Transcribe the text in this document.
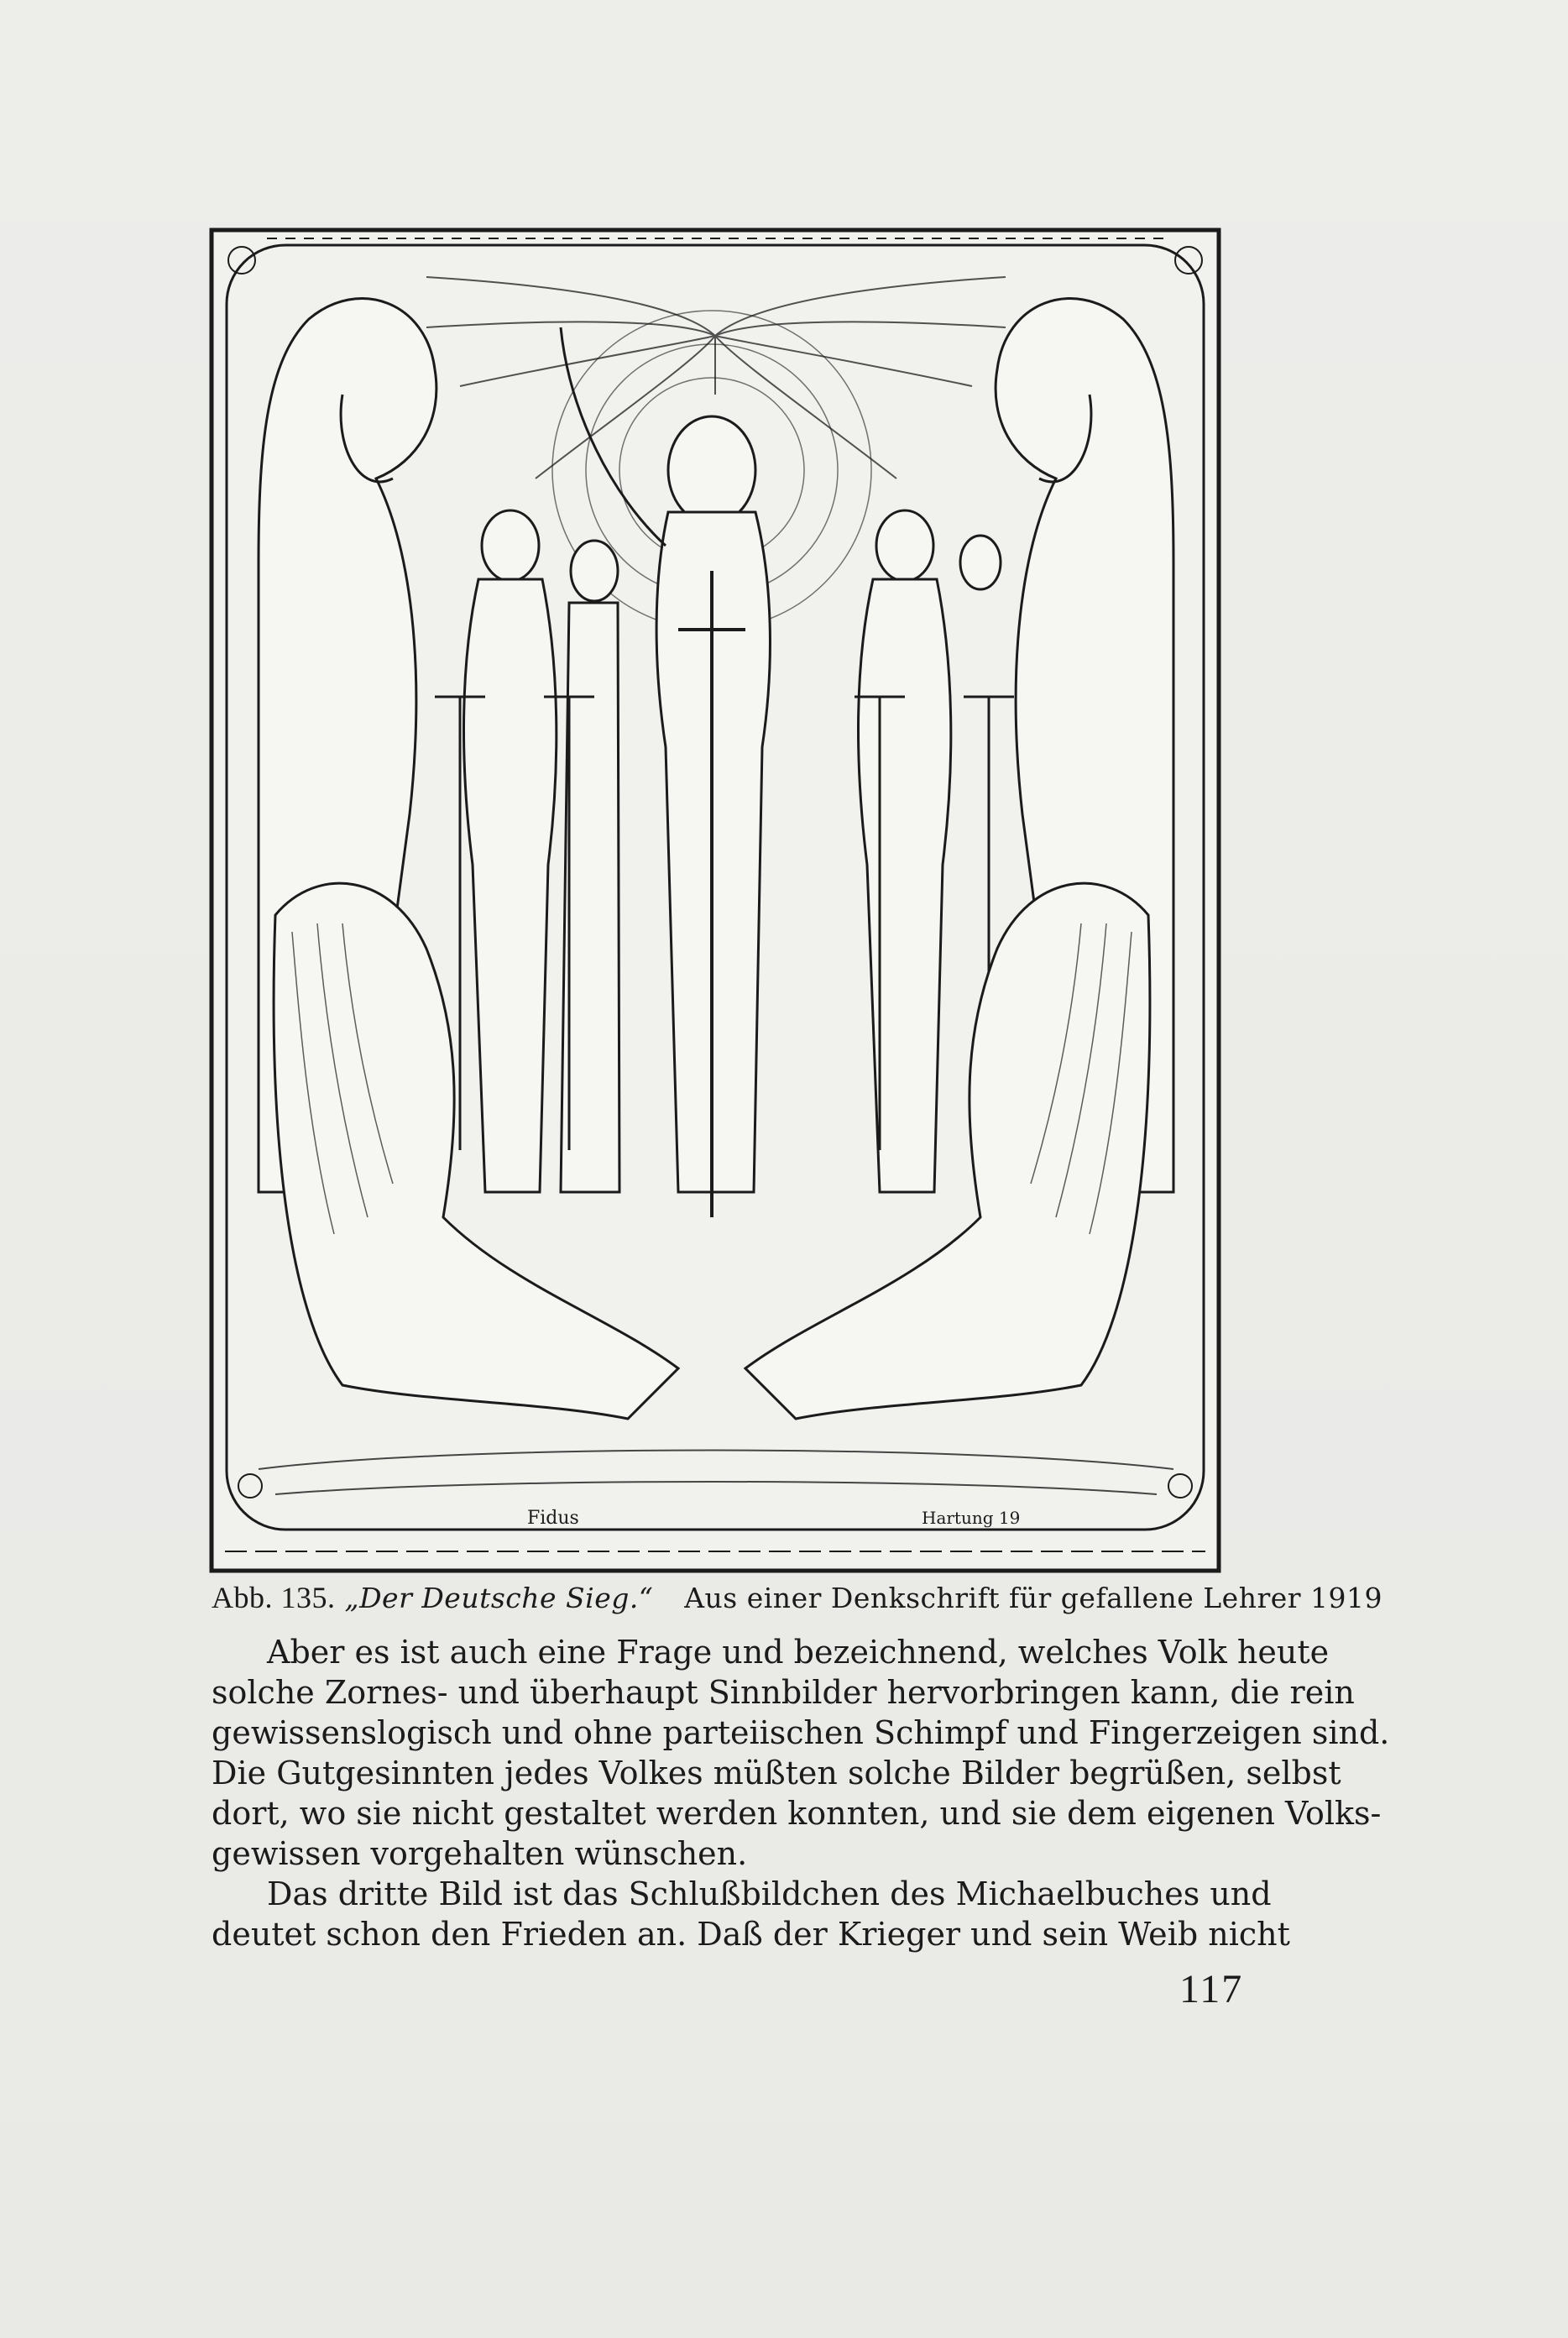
Fidus	Hartung 19
Abb. 135. „Der Deutsche Sieg.“ Aus einer Denkschrift für gefallene Lehrer 1919
Aber es ist auch eine Frage und bezeichnend, welches Volk heute
solche Zornes- und überhaupt Sinnbilder hervorbringen kann, die rein
gewissenslogisch und ohne parteiischen Schimpf und Fingerzeigen sind.
Die Gutgesinnten jedes Volkes müßten solche Bilder begrüßen, selbst
dort, wo sie nicht gestaltet werden konnten, und sie dem eigenen Volks-
gewissen vorgehalten wünschen.
Das dritte Bild ist das Schlußbildchen des Michaelbuches und
deutet schon den Frieden an. Daß der Krieger und sein Weib nicht
117
